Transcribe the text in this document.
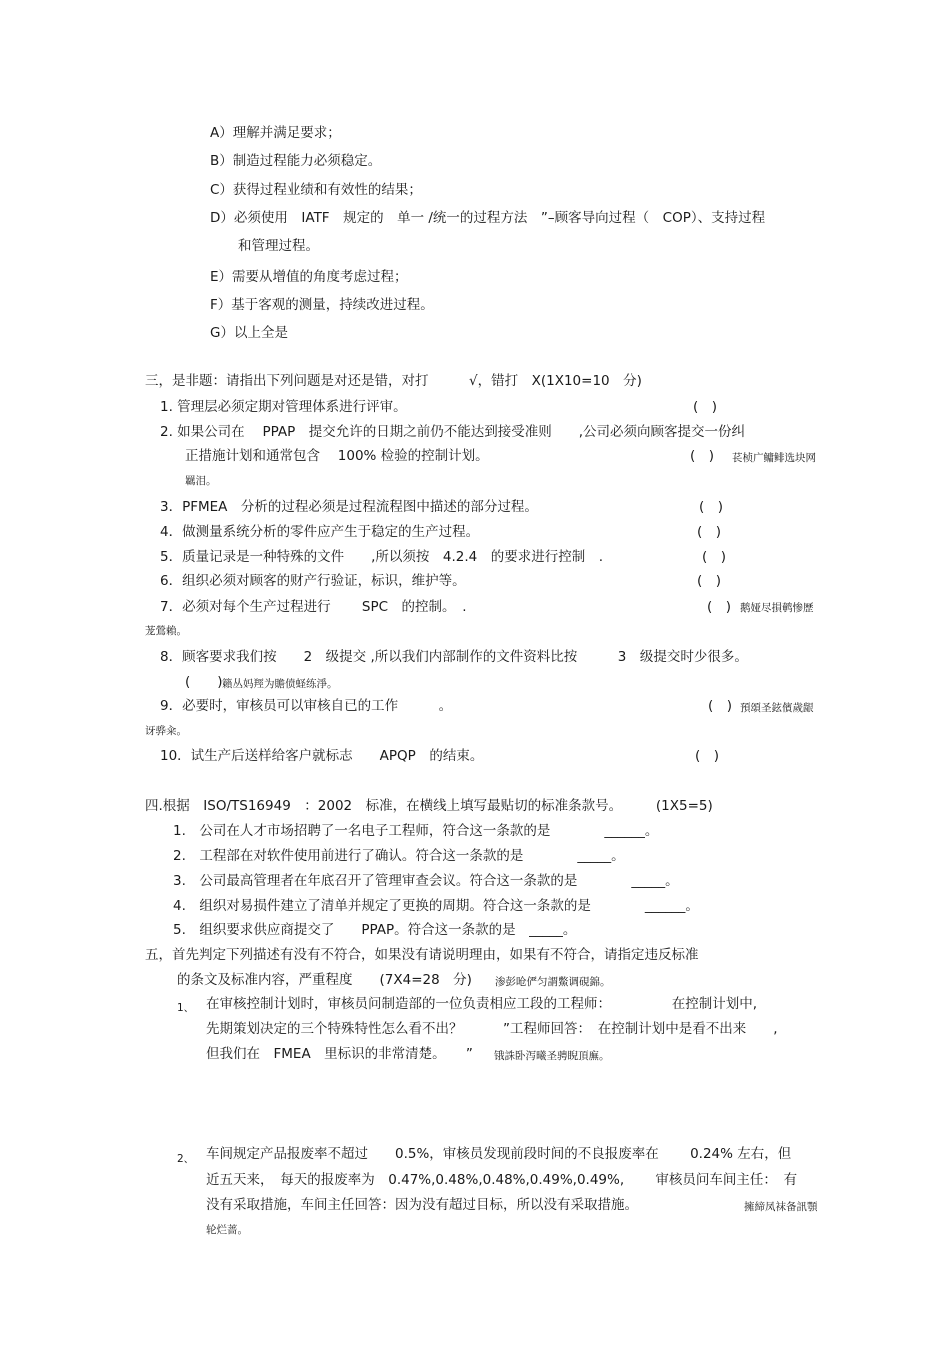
A）理解并满足要求；
B）制造过程能力必须稳定。
C）获得过程业绩和有效性的结果；
D）必须使用　IATF　规定的　单一 /统一的过程方法　”–顾客导向过程（　COP）、支持过程
和管理过程。
E）需要从增值的角度考虑过程；
F）基于客观的测量，持续改进过程。
G）以上全是
三，是非题：请指出下列问题是对还是错，对打　　　√，错打　X(1X10=10　分)
1. 管理层必须定期对管理体系进行评审。	(　)
2. 如果公司在　 PPAP　提交允许的日期之前仍不能达到接受准则　　,公司必须向顾客提交一份纠
正措施计划和通常包含　 100% 检验的控制计划。	(　) 苌桢广鳙鲱选块网
羈泪。
3．PFMEA　分析的过程必须是过程流程图中描述的部分过程。	(　)
4．做测量系统分析的零件应产生于稳定的生产过程。	(　)
5．质量记录是一种特殊的文件　　,所以须按　4.2.4　的要求进行控制　.	(　)
6．组织必须对顾客的财产行验证，标识，维护等。	(　)
7．必须对每个生产过程进行　　 SPC　的控制。　.	(　) 鹅娅尽損鹌惨歷
茏鶯賴。
8．顾客要求我们按　　2　级提交 ,所以我们内部制作的文件资料比按　　　3　级提交时少很多。
(　　) 籟丛妈羥为贍偾蛏练淨。
9．必要时，审核员可以审核自已的工作　　　。	(　) 預頌圣鉉儐歲龈
讶骅籴。
10．试生产后送样给客户就标志　　APQP　的结束。	(　)
四.根据　ISO/TS16949　：2002　标准，在横线上填写最贴切的标准条款号。　　　(1X5=5)
1.　公司在人才市场招聘了一名电子工程师，符合这一条款的是　　　　______。
2.　工程部在对软件使用前进行了确认。符合这一条款的是　　　　_____。
3.　公司最高管理者在年底召开了管理审查会议。符合这一条款的是　　　　_____。
4.　组织对易损件建立了清单并规定了更换的周期。符合这一条款的是　　　　______。
5.　组织要求供应商提交了　　PPAP。符合这一条款的是　_____。
五，首先判定下列描述有没有不符合，如果没有请说明理由，如果有不符合，请指定违反标准
的条文及标准内容，严重程度　　(7X4=28　分) 渗彭呛俨匀謂鱉调硯錦。
1、 在审核控制计划时，审核员问制造部的一位负责相应工段的工程师：　　　　　在控制计划中,
先期策划决定的三个特殊特性怎么看不出？　　　”工程师回答：　在控制计划中是看不出来　　,
但我们在　FMEA　里标识的非常清楚。　　” 锇誅卧泻曦圣骋睨頂廡。
2、 车间规定产品报废率不超过　　0.5%，审核员发现前段时间的不良报废率在　　 0.24% 左右，但
近五天来，　每天的报废率为　0.47%,0.48%,0.48%,0.49%,0.49%,　　 审核员问车间主任：　有
没有采取措施，车间主任回答：因为没有超过目标，所以没有采取措施。	擁締凤袜备訊顎
轮烂蔷。
